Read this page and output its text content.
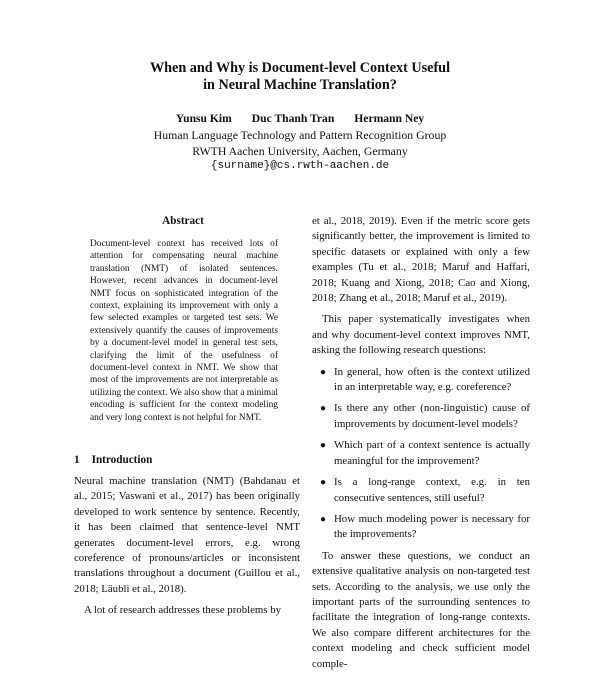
When and Why is Document-level Context Useful
in Neural Machine Translation?
Yunsu Kim Duc Thanh Tran Hermann Ney
Human Language Technology and Pattern Recognition Group
RWTH Aachen University, Aachen, Germany
{surname}@cs.rwth-aachen.de
Abstract
Document-level context has received lots of attention for compensating neural machine translation (NMT) of isolated sentences. However, recent advances in document-level NMT focus on sophisticated integration of the context, explaining its improvement with only a few selected examples or targeted test sets. We extensively quantify the causes of improvements by a document-level model in general test sets, clarifying the limit of the usefulness of document-level context in NMT. We show that most of the improvements are not interpretable as utilizing the context. We also show that a minimal encoding is sufficient for the context modeling and very long context is not helpful for NMT.
1 Introduction

Neural machine translation (NMT) (Bahdanau et al., 2015; Vaswani et al., 2017) has been originally developed to work sentence by sentence. Recently, it has been claimed that sentence-level NMT generates document-level errors, e.g. wrong coreference of pronouns/articles or inconsistent translations throughout a document (Guillou et al., 2018; Läubli et al., 2018).

A lot of research addresses these problems by

et al., 2018, 2019). Even if the metric score gets significantly better, the improvement is limited to specific datasets or explained with only a few examples (Tu et al., 2018; Maruf and Haffari, 2018; Kuang and Xiong, 2018; Cao and Xiong, 2018; Zhang et al., 2018; Maruf et al., 2019).

This paper systematically investigates when and why document-level context improves NMT, asking the following research questions:

● In general, how often is the context utilized in an interpretable way, e.g. coreference?
● Is there any other (non-linguistic) cause of improvements by document-level models?
● Which part of a context sentence is actually meaningful for the improvement?
● Is a long-range context, e.g. in ten consecutive sentences, still useful?
● How much modeling power is necessary for the improvements?

To answer these questions, we conduct an extensive qualitative analysis on non-targeted test sets. According to the analysis, we use only the important parts of the surrounding sentences to facilitate the integration of long-range contexts. We also compare different architectures for the context modeling and check sufficient model comple-
